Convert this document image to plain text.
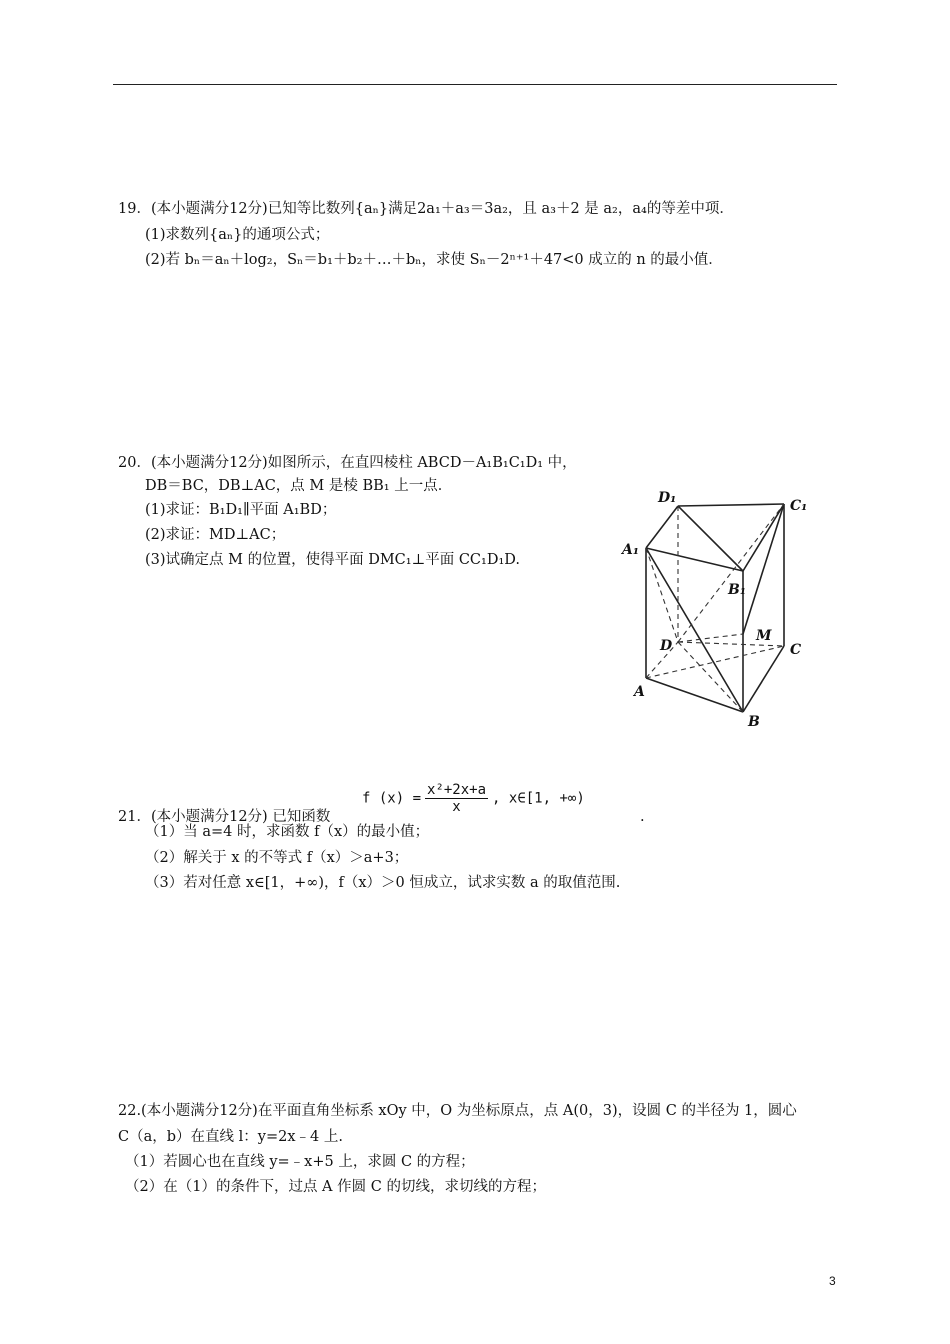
19．(本小题满分12分)已知等比数列{aₙ}满足2a₁＋a₃＝3a₂，且 a₃＋2 是 a₂，a₄的等差中项．
(1)求数列{aₙ}的通项公式；
(2)若 bₙ＝aₙ＋log₂，Sₙ＝b₁＋b₂＋…＋bₙ，求使 Sₙ－2ⁿ⁺¹＋47<0 成立的 n 的最小值．
20．(本小题满分12分)如图所示，在直四棱柱 ABCD－A₁B₁C₁D₁ 中，
DB＝BC，DB⊥AC，点 M 是棱 BB₁ 上一点．
(1)求证：B₁D₁∥平面 A₁BD；
(2)求证：MD⊥AC；
(3)试确定点 M 的位置，使得平面 DMC₁⊥平面 CC₁D₁D.
D₁	C₁
A₁
B₁
D
M
C
A
B
21．(本小题满分12分) 已知函数
f $(x) = \frac{\text{x²+2x+a}}{x}$ , x∈[1, +∞)
.
（1）当 a=4 时，求函数 f（x）的最小值；
（2）解关于 x 的不等式 f（x）＞a+3；
（3）若对任意 x∈[1，+∞)，f（x）＞0 恒成立，试求实数 a 的取值范围.
22.(本小题满分12分)在平面直角坐标系 xOy 中，O 为坐标原点，点 A(0，3)，设圆 C 的半径为 1，圆心
C（a，b）在直线 l：y=2x﹣4 上.
（1）若圆心也在直线 y=﹣x+5 上，求圆 C 的方程；
（2）在（1）的条件下，过点 A 作圆 C 的切线，求切线的方程；
3
